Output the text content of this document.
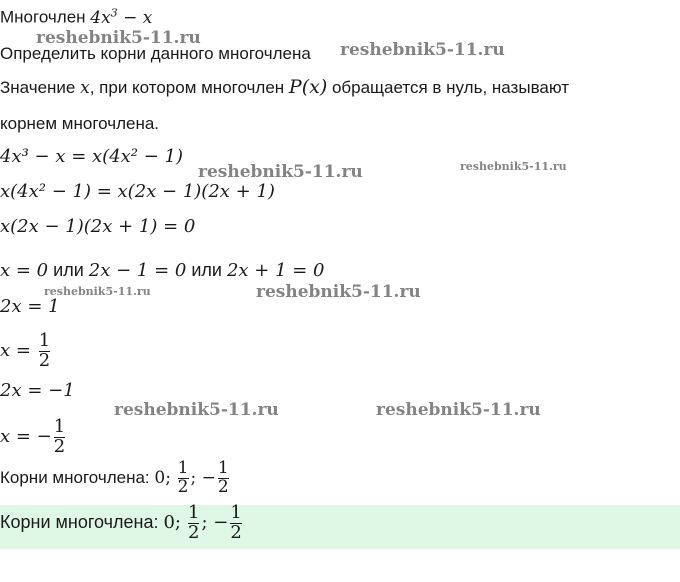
Многочлен $4x^3 - x$
reshebnik5-11.ru
Определить корни данного многочлена reshebnik5-11.ru
Значение x, при котором многочлен P(x) обращается в нуль, называют
корнем многочлена.
4x³ − x = x(4x² − 1)
reshebnik5-11.ru	reshebnik5-11.ru
x(4x² − 1) = x(2x − 1)(2x + 1)
x(2x − 1)(2x + 1) = 0
x = 0 или 2x − 1 = 0 или 2x + 1 = 0
reshebnik5-11.ru	reshebnik5-11.ru
2x = 1
$x = \frac{1}{2}$
2x = −1
reshebnik5-11.ru	reshebnik5-11.ru
x = − $\frac{1}{2}$
Корни многочлена: 0; $\frac{1}{2}$ ; − $\frac{1}{2}$
Корни многочлена: 0; $\frac{1}{2}$ ; − $\frac{1}{2}$
